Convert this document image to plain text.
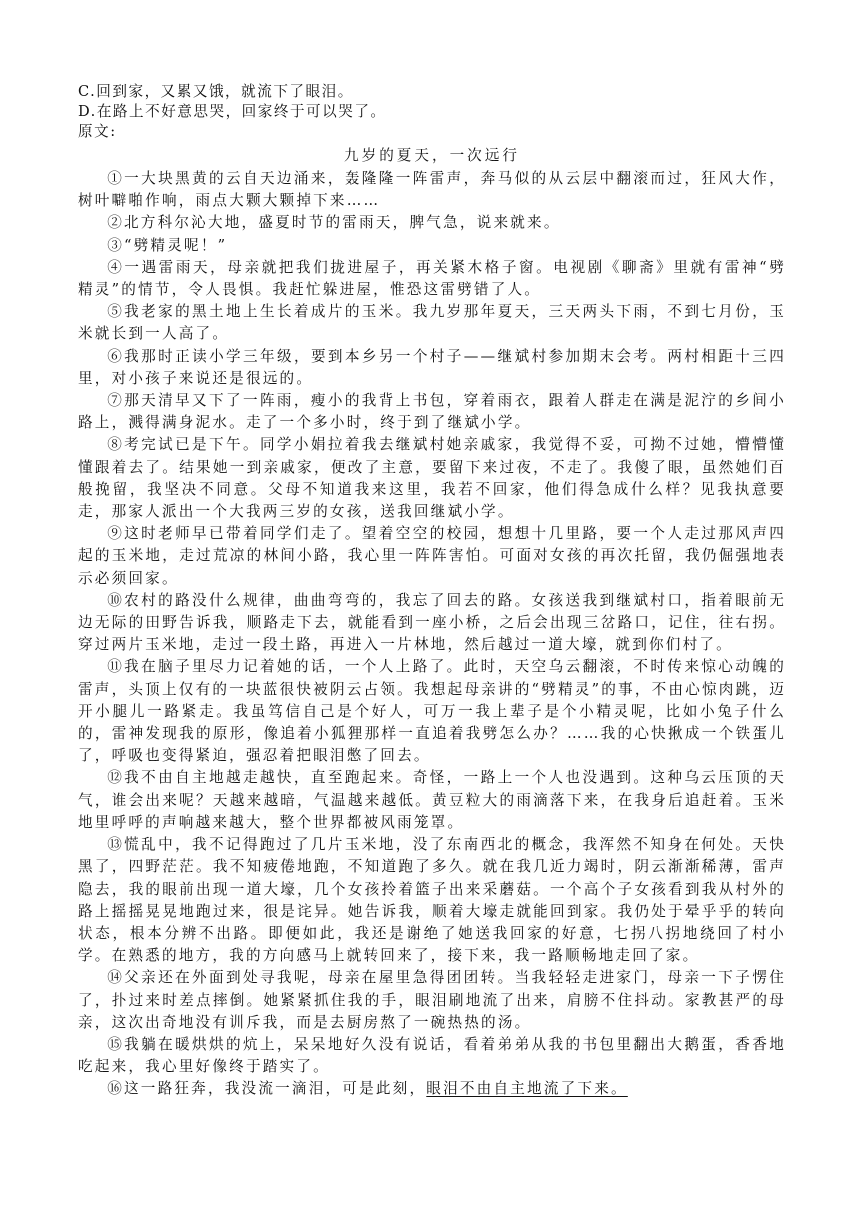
C.回到家，又累又饿，就流下了眼泪。

D.在路上不好意思哭，回家终于可以哭了。

原文:

九岁的夏天，一次远行

①一大块黑黄的云自天边涌来，轰隆隆一阵雷声，奔马似的从云层中翻滚而过，狂风大作，树叶噼啪作响，雨点大颗大颗掉下来……

②北方科尔沁大地，盛夏时节的雷雨天，脾气急，说来就来。

③“劈精灵呢！”

④一遇雷雨天，母亲就把我们拢进屋子，再关紧木格子窗。电视剧《聊斋》里就有雷神“劈精灵”的情节，令人畏惧。我赶忙躲进屋，惟恐这雷劈错了人。

⑤我老家的黑土地上生长着成片的玉米。我九岁那年夏天，三天两头下雨，不到七月份，玉米就长到一人高了。

⑥我那时正读小学三年级，要到本乡另一个村子——继斌村参加期末会考。两村相距十三四里，对小孩子来说还是很远的。

⑦那天清早又下了一阵雨，瘦小的我背上书包，穿着雨衣，跟着人群走在满是泥泞的乡间小路上，溅得满身泥水。走了一个多小时，终于到了继斌小学。

⑧考完试已是下午。同学小娟拉着我去继斌村她亲戚家，我觉得不妥，可拗不过她，懵懵懂懂跟着去了。结果她一到亲戚家，便改了主意，要留下来过夜，不走了。我傻了眼，虽然她们百般挽留，我坚决不同意。父母不知道我来这里，我若不回家，他们得急成什么样？见我执意要走，那家人派出一个大我两三岁的女孩，送我回继斌小学。

⑨这时老师早已带着同学们走了。望着空空的校园，想想十几里路，要一个人走过那风声四起的玉米地，走过荒凉的林间小路，我心里一阵阵害怕。可面对女孩的再次托留，我仍倔强地表示必须回家。

⑩农村的路没什么规律，曲曲弯弯的，我忘了回去的路。女孩送我到继斌村口，指着眼前无边无际的田野告诉我，顺路走下去，就能看到一座小桥，之后会出现三岔路口，记住，往右拐。穿过两片玉米地，走过一段土路，再进入一片林地，然后越过一道大壕，就到你们村了。

⑪我在脑子里尽力记着她的话，一个人上路了。此时，天空乌云翻滚，不时传来惊心动魄的雷声，头顶上仅有的一块蓝很快被阴云占领。我想起母亲讲的“劈精灵”的事，不由心惊肉跳，迈开小腿儿一路紧走。我虽笃信自己是个好人，可万一我上辈子是个小精灵呢，比如小兔子什么的，雷神发现我的原形，像追着小狐狸那样一直追着我劈怎么办？……我的心快揪成一个铁蛋儿了，呼吸也变得紧迫，强忍着把眼泪憋了回去。

⑫我不由自主地越走越快，直至跑起来。奇怪，一路上一个人也没遇到。这种乌云压顶的天气，谁会出来呢？天越来越暗，气温越来越低。黄豆粒大的雨滴落下来，在我身后追赶着。玉米地里呼呼的声响越来越大，整个世界都被风雨笼罩。

⑬慌乱中，我不记得跑过了几片玉米地，没了东南西北的概念，我浑然不知身在何处。天快黑了，四野茫茫。我不知疲倦地跑，不知道跑了多久。就在我几近力竭时，阴云渐渐稀薄，雷声隐去，我的眼前出现一道大壕，几个女孩拎着篮子出来采蘑菇。一个高个子女孩看到我从村外的路上摇摇晃晃地跑过来，很是诧异。她告诉我，顺着大壕走就能回到家。我仍处于晕乎乎的转向状态，根本分辨不出路。即便如此，我还是谢绝了她送我回家的好意，七拐八拐地绕回了村小学。在熟悉的地方，我的方向感马上就转回来了，接下来，我一路顺畅地走回了家。

⑭父亲还在外面到处寻我呢，母亲在屋里急得团团转。当我轻轻走进家门，母亲一下子愣住了，扑过来时差点摔倒。她紧紧抓住我的手，眼泪刷地流了出来，肩膀不住抖动。家教甚严的母亲，这次出奇地没有训斥我，而是去厨房熬了一碗热热的汤。

⑮我躺在暖烘烘的炕上，呆呆地好久没有说话，看着弟弟从我的书包里翻出大鹅蛋，香香地吃起来，我心里好像终于踏实了。

⑯这一路狂奔，我没流一滴泪，可是此刻，眼泪不由自主地流了下来。
